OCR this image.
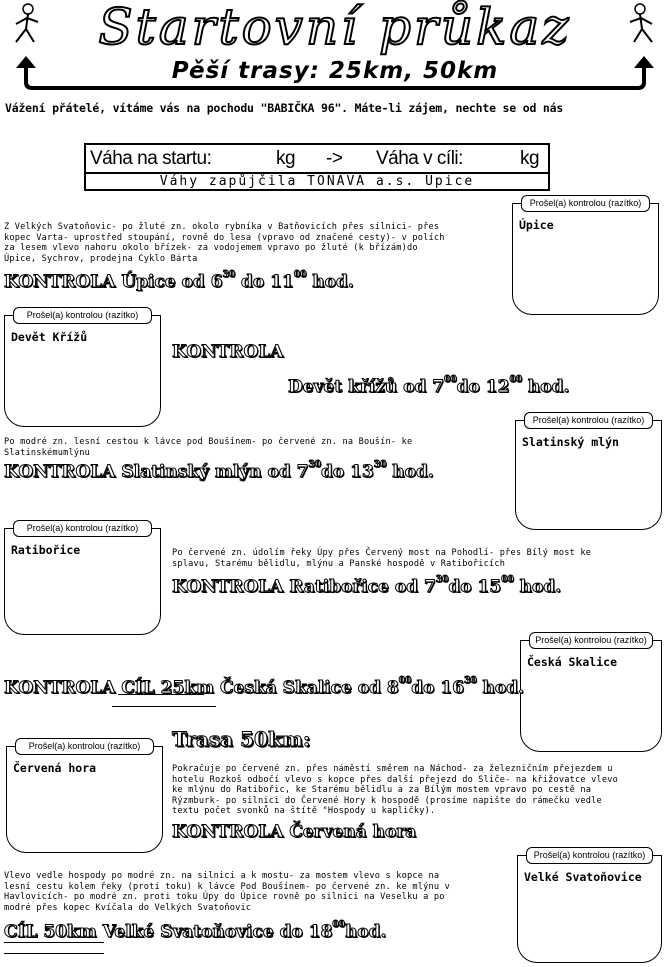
Startovní průkaz
Pěší trasy: 25km, 50km
Vážení přátelé, vítáme vás na pochodu "BABIČKA 96". Máte-li zájem, nechte se od nás
Váha na startu:	kg -> Váha v cíli:	kg
Váhy zapůjčila TONAVA a.s. Úpice
Z Velkých Svatoňovic- po žluté zn. okolo rybníka v Batňovicích přes silnici- přes
kopec Varta- uprostřed stoupání, rovně do lesa (vpravo od značené cesty)- v polích
za lesem vlevo nahoru okolo břízek- za vodojemem vpravo po žluté (k břízám)do
Úpice, Sychrov, prodejna Cyklo Bárta
KONTROLA Úpice od $6^{30}$ do $11^{00}$ hod.
Prošel(a) kontrolou (razítko)
Úpice
Prošel(a) kontrolou (razítko)
Devět Křížů
KONTROLA
Devět křížů od $7^{00}do$ $12^{00}$ hod.
Prošel(a) kontrolou (razítko)
Slatinský mlýn
Po modré zn. lesní cestou k lávce pod Boušínem- po červené zn. na Boušín- ke
Slatinskémumlýnu
KONTROLA Slatinský mlýn od $7^{30}do$ $13^{30}$ hod.
Prošel(a) kontrolou (razítko)
Ratibořice	Po červené zn. údolím řeky Úpy přes Červený most na Pohodlí- přes Bílý most ke
splavu, Starému bělidlu, mlýnu a Panské hospodě v Ratibořicích
KONTROLA Ratibořice od $7^{30}do$ $15^{00}$ hod.
Prošel(a) kontrolou (razítko)
Česká Skalice
KONTROLA CÍL 25km Česká Skalice od $8^{00}do$ $16^{30}$ hod.
Trasa 50km:
Prošel(a) kontrolou (razítko)
Červená hora	Pokračuje po červené zn. přes náměstí směrem na Náchod- za železničním přejezdem u
hotelu Rozkoš odbočí vlevo s kopce přes další přejezd do Sliče- na křižovatce vlevo
ke mlýnu do Ratibořic, ke Starému bělidlu a za Bílým mostem vpravo po cestě na
Rýzmburk- po silnici do Červené Hory k hospodě (prosíme napište do rámečku vedle
textu počet svonků na štítě "Hospody u kapličky).
KONTROLA Červená hora
Vlevo vedle hospody po modré zn. na silnici a k mostu- za mostem vlevo s kopce na
lesní cestu kolem řeky (proti toku) k lávce Pod Boušínem- po červené zn. ke mlýnu v
Havlovicích- po modré zn. proti toku Úpy do Úpice rovně po silnici na Veselku a po
modré přes kopec Kvíčala do Velkých Svatoňovic
Prošel(a) kontrolou (razítko)
Velké Svatoňovice
CÍL 50km Velké Svatoňovice do $18^{00}hod$.
